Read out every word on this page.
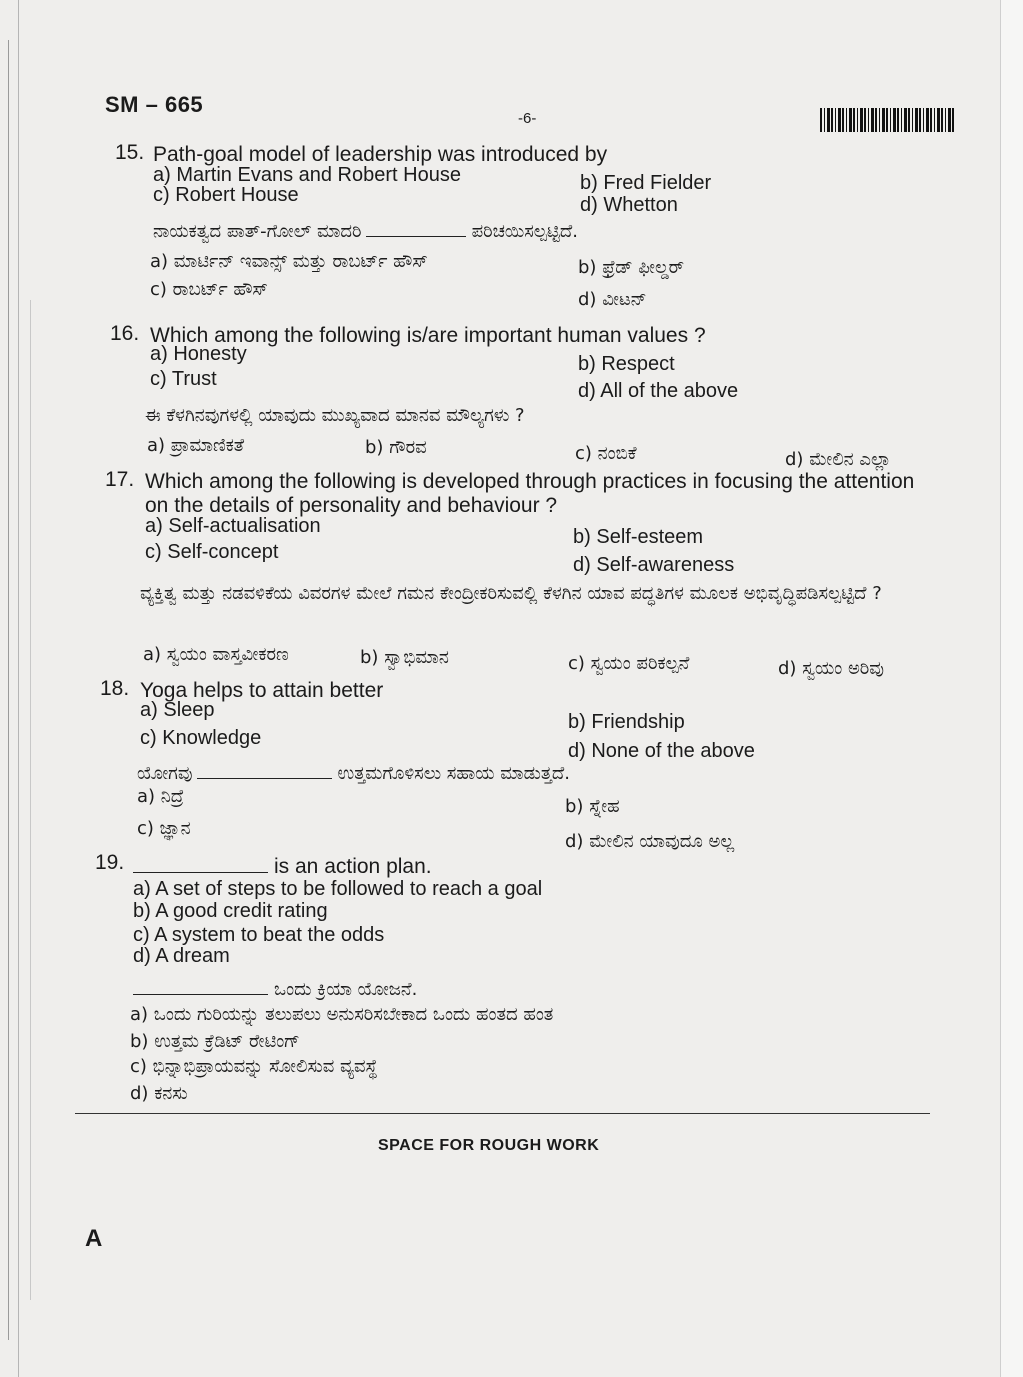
SM – 665
-6-
15. Path-goal model of leadership was introduced by
a) Martin Evans and Robert House	b) Fred Fielder
c) Robert House	d) Whetton
ನಾಯಕತ್ವದ ಪಾತ್-ಗೋಲ್ ಮಾದರಿ	ಪರಿಚಯಿಸಲ್ಪಟ್ಟಿದೆ.
a) ಮಾರ್ಟಿನ್ ಇವಾನ್ಸ್ ಮತ್ತು ರಾಬರ್ಟ್ ಹೌಸ್	b) ಫ್ರೆಡ್ ಫೀಲ್ಡರ್
c) ರಾಬರ್ಟ್ ಹೌಸ್	d) ವೀಟನ್
16. Which among the following is/are important human values ?
a) Honesty	b) Respect
c) Trust
d) All of the above
ಈ ಕೆಳಗಿನವುಗಳಲ್ಲಿ ಯಾವುದು ಮುಖ್ಯವಾದ ಮಾನವ ಮೌಲ್ಯಗಳು ?
a) ಪ್ರಾಮಾಣಿಕತೆ	b) ಗೌರವ	c) ನಂಬಿಕೆ	d) ಮೇಲಿನ ಎಲ್ಲಾ
17. Which among the following is developed through practices in focusing the attention on the details of personality and behaviour ?
a) Self-actualisation	b) Self-esteem
c) Self-concept
d) Self-awareness
ವ್ಯಕ್ತಿತ್ವ ಮತ್ತು ನಡವಳಿಕೆಯ ವಿವರಗಳ ಮೇಲೆ ಗಮನ ಕೇಂದ್ರೀಕರಿಸುವಲ್ಲಿ ಕೆಳಗಿನ ಯಾವ ಪದ್ಧತಿಗಳ ಮೂಲಕ ಅಭಿವೃದ್ಧಿಪಡಿಸಲ್ಪಟ್ಟಿದೆ ?
a) ಸ್ವಯಂ ವಾಸ್ತವೀಕರಣ	b) ಸ್ವಾಭಿಮಾನ	c) ಸ್ವಯಂ ಪರಿಕಲ್ಪನೆ	d) ಸ್ವಯಂ ಅರಿವು
18. Yoga helps to attain better
a) Sleep
b) Friendship
c) Knowledge
d) None of the above
ಯೋಗವು	ಉತ್ತಮಗೊಳಿಸಲು ಸಹಾಯ ಮಾಡುತ್ತದೆ.
a) ನಿದ್ರೆ	b) ಸ್ನೇಹ
c) ಜ್ಞಾನ
d) ಮೇಲಿನ ಯಾವುದೂ ಅಲ್ಲ
19.	is an action plan.
a) A set of steps to be followed to reach a goal
b) A good credit rating
c) A system to beat the odds
d) A dream
ಒಂದು ಕ್ರಿಯಾ ಯೋಜನೆ.
a) ಒಂದು ಗುರಿಯನ್ನು ತಲುಪಲು ಅನುಸರಿಸಬೇಕಾದ ಒಂದು ಹಂತದ ಹಂತ
b) ಉತ್ತಮ ಕ್ರೆಡಿಟ್ ರೇಟಿಂಗ್
c) ಭಿನ್ನಾಭಿಪ್ರಾಯವನ್ನು ಸೋಲಿಸುವ ವ್ಯವಸ್ಥೆ
d) ಕನಸು
SPACE FOR ROUGH WORK
A
